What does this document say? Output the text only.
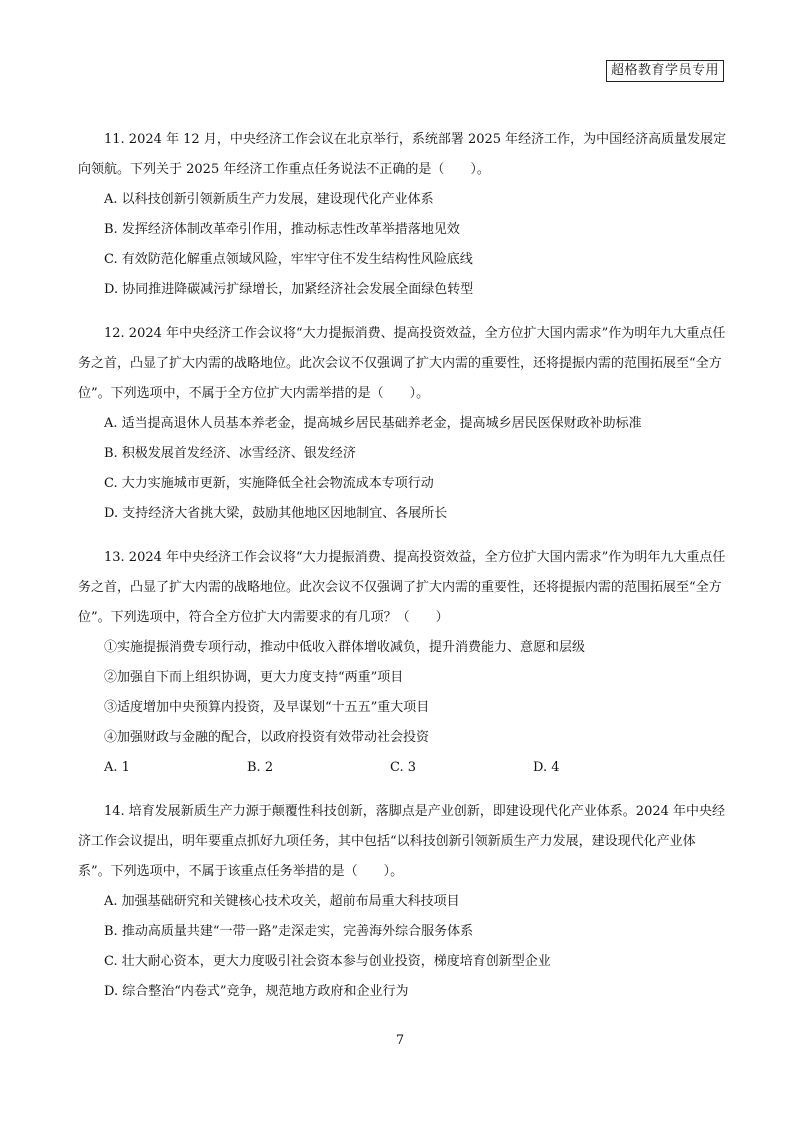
超格教育学员专用

11. 2024 年 12 月，中央经济工作会议在北京举行，系统部署 2025 年经济工作，为中国经济高质量发展定向领航。下列关于 2025 年经济工作重点任务说法不正确的是（　　）。

A. 以科技创新引领新质生产力发展，建设现代化产业体系

B. 发挥经济体制改革牵引作用，推动标志性改革举措落地见效

C. 有效防范化解重点领域风险，牢牢守住不发生结构性风险底线

D. 协同推进降碳减污扩绿增长，加紧经济社会发展全面绿色转型

12. 2024 年中央经济工作会议将“大力提振消费、提高投资效益，全方位扩大国内需求”作为明年九大重点任务之首，凸显了扩大内需的战略地位。此次会议不仅强调了扩大内需的重要性，还将提振内需的范围拓展至“全方位”。下列选项中，不属于全方位扩大内需举措的是（　　）。

A. 适当提高退休人员基本养老金，提高城乡居民基础养老金，提高城乡居民医保财政补助标准

B. 积极发展首发经济、冰雪经济、银发经济

C. 大力实施城市更新，实施降低全社会物流成本专项行动

D. 支持经济大省挑大梁，鼓励其他地区因地制宜、各展所长

13. 2024 年中央经济工作会议将“大力提振消费、提高投资效益，全方位扩大国内需求”作为明年九大重点任务之首，凸显了扩大内需的战略地位。此次会议不仅强调了扩大内需的重要性，还将提振内需的范围拓展至“全方位”。下列选项中，符合全方位扩大内需要求的有几项？（　　）

①实施提振消费专项行动，推动中低收入群体增收减负，提升消费能力、意愿和层级

②加强自下而上组织协调，更大力度支持“两重”项目

③适度增加中央预算内投资，及早谋划“十五五”重大项目

④加强财政与金融的配合，以政府投资有效带动社会投资

A. 1	B. 2	C. 3	D. 4

14. 培育发展新质生产力源于颠覆性科技创新，落脚点是产业创新，即建设现代化产业体系。2024 年中央经济工作会议提出，明年要重点抓好九项任务，其中包括“以科技创新引领新质生产力发展，建设现代化产业体系”。下列选项中，不属于该重点任务举措的是（　　）。

A. 加强基础研究和关键核心技术攻关，超前布局重大科技项目

B. 推动高质量共建“一带一路”走深走实，完善海外综合服务体系

C. 壮大耐心资本，更大力度吸引社会资本参与创业投资，梯度培育创新型企业

D. 综合整治“内卷式”竞争，规范地方政府和企业行为

7
